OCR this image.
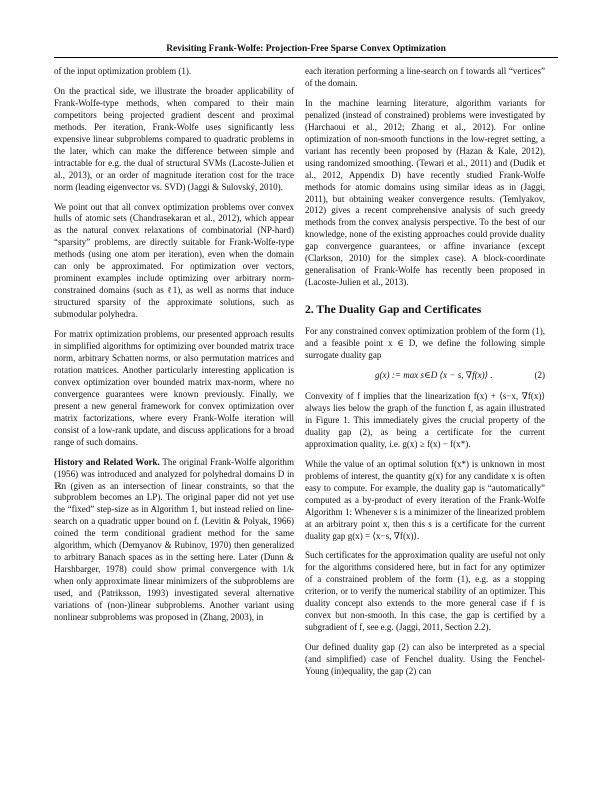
Revisiting Frank-Wolfe: Projection-Free Sparse Convex Optimization

of the input optimization problem (1).

On the practical side, we illustrate the broader applicability of Frank-Wolfe-type methods, when compared to their main competitors being projected gradient descent and proximal methods. Per iteration, Frank-Wolfe uses significantly less expensive linear subproblems compared to quadratic problems in the later, which can make the difference between simple and intractable for e.g. the dual of structural SVMs (Lacoste-Julien et al., 2013), or an order of magnitude iteration cost for the trace norm (leading eigenvector vs. SVD) (Jaggi & Sulovský, 2010).

We point out that all convex optimization problems over convex hulls of atomic sets (Chandrasekaran et al., 2012), which appear as the natural convex relaxations of combinatorial (NP-hard) “sparsity” problems, are directly suitable for Frank-Wolfe-type methods (using one atom per iteration), even when the domain can only be approximated. For optimization over vectors, prominent examples include optimizing over arbitrary norm-constrained domains (such as ℓ1), as well as norms that induce structured sparsity of the approximate solutions, such as submodular polyhedra.

For matrix optimization problems, our presented approach results in simplified algorithms for optimizing over bounded matrix trace norm, arbitrary Schatten norms, or also permutation matrices and rotation matrices. Another particularly interesting application is convex optimization over bounded matrix max-norm, where no convergence guarantees were known previously. Finally, we present a new general framework for convex optimization over matrix factorizations, where every Frank-Wolfe iteration will consist of a low-rank update, and discuss applications for a broad range of such domains.

History and Related Work. The original Frank-Wolfe algorithm (1956) was introduced and analyzed for polyhedral domains D in ℝn (given as an intersection of linear constraints, so that the subproblem becomes an LP). The original paper did not yet use the “fixed” step-size as in Algorithm 1, but instead relied on line-search on a quadratic upper bound on f. (Levitin & Polyak, 1966) coined the term conditional gradient method for the same algorithm, which (Demyanov & Rubinov, 1970) then generalized to arbitrary Banach spaces as in the setting here. Later (Dunn & Harshbarger, 1978) could show primal convergence with 1/k when only approximate linear minimizers of the subproblems are used, and (Patriksson, 1993) investigated several alternative variations of (non-)linear subproblems. Another variant using nonlinear subproblems was proposed in (Zhang, 2003), in

each iteration performing a line-search on f towards all “vertices” of the domain.

In the machine learning literature, algorithm variants for penalized (instead of constrained) problems were investigated by (Harchaoui et al., 2012; Zhang et al., 2012). For online optimization of non-smooth functions in the low-regret setting, a variant has recently been proposed by (Hazan & Kale, 2012), using randomized smoothing. (Tewari et al., 2011) and (Dudik et al., 2012, Appendix D) have recently studied Frank-Wolfe methods for atomic domains using similar ideas as in (Jaggi, 2011), but obtaining weaker convergence results. (Temlyakov, 2012) gives a recent comprehensive analysis of such greedy methods from the convex analysis perspective. To the best of our knowledge, none of the existing approaches could provide duality gap convergence guarantees, or affine invariance (except (Clarkson, 2010) for the simplex case). A block-coordinate generalisation of Frank-Wolfe has recently been proposed in (Lacoste-Julien et al., 2013).

2. The Duality Gap and Certificates

For any constrained convex optimization problem of the form (1), and a feasible point x ∈ D, we define the following simple surrogate duality gap

g(x) := max s∈D ⟨x − s, ∇f(x)⟩ .	(2)

Convexity of f implies that the linearization f(x) + ⟨s−x, ∇f(x)⟩ always lies below the graph of the function f, as again illustrated in Figure 1. This immediately gives the crucial property of the duality gap (2), as being a certificate for the current approximation quality, i.e. g(x) ≥ f(x) − f(x*).

While the value of an optimal solution f(x*) is unknown in most problems of interest, the quantity g(x) for any candidate x is often easy to compute. For example, the duality gap is “automatically” computed as a by-product of every iteration of the Frank-Wolfe Algorithm 1: Whenever s is a minimizer of the linearized problem at an arbitrary point x, then this s is a certificate for the current duality gap g(x) = ⟨x−s, ∇f(x)⟩.

Such certificates for the approximation quality are useful not only for the algorithms considered here, but in fact for any optimizer of a constrained problem of the form (1), e.g. as a stopping criterion, or to verify the numerical stability of an optimizer. This duality concept also extends to the more general case if f is convex but non-smooth. In this case, the gap is certified by a subgradient of f, see e.g. (Jaggi, 2011, Section 2.2).

Our defined duality gap (2) can also be interpreted as a special (and simplified) case of Fenchel duality. Using the Fenchel-Young (in)equality, the gap (2) can
